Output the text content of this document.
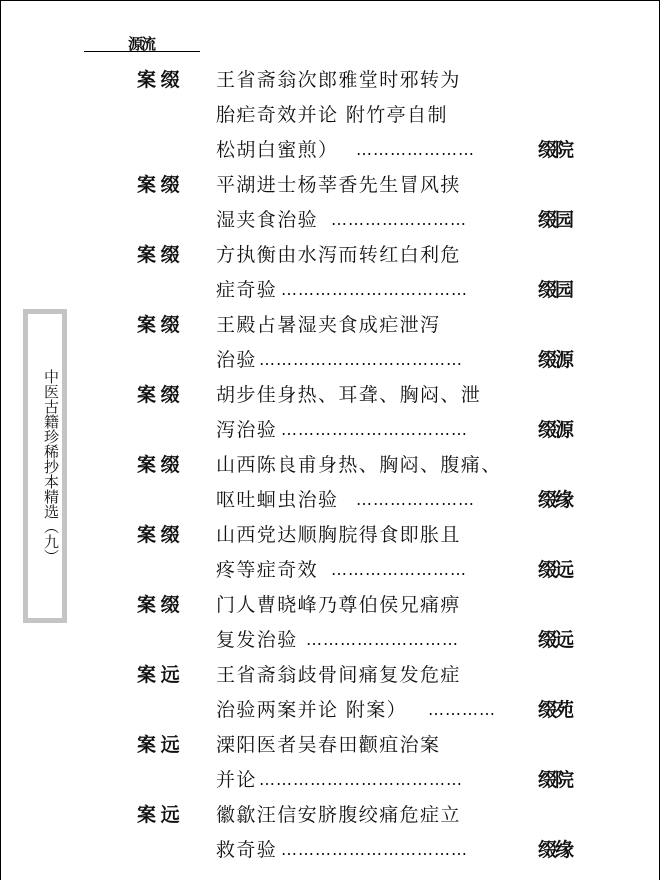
源流
中医古籍珍稀抄本精选（九）
案 缀 王省斋翁次郎雅堂时邪转为
胎疟奇效并论 附竹亭自制
松胡白蜜煎） …………………	缀院
案 缀 平湖进士杨莘香先生冒风挟
湿夹食治验 ……………………	缀园
案 缀 方执衡由水泻而转红白利危
症奇验 ……………………………	缀园
案 缀 王殿占暑湿夹食成疟泄泻
治验 ………………………………	缀源
案 缀 胡步佳身热、耳聋、胸闷、泄
泻治验 ……………………………	缀源
案 缀 山西陈良甫身热、胸闷、腹痛、
呕吐蛔虫治验 …………………	缀缘
案 缀 山西党达顺胸脘得食即胀且
疼等症奇效 ……………………	缀远
案 缀 门人曹晓峰乃尊伯侯兄痛痹
复发治验 ………………………	缀远
案 远 王省斋翁歧骨间痛复发危症
治验两案并论 附案） …………	缀苑
案 远 溧阳医者吴春田颧疽治案
并论 ………………………………	缀院
案 远 徽歙汪信安脐腹绞痛危症立
救奇验 ……………………………	缀缘
